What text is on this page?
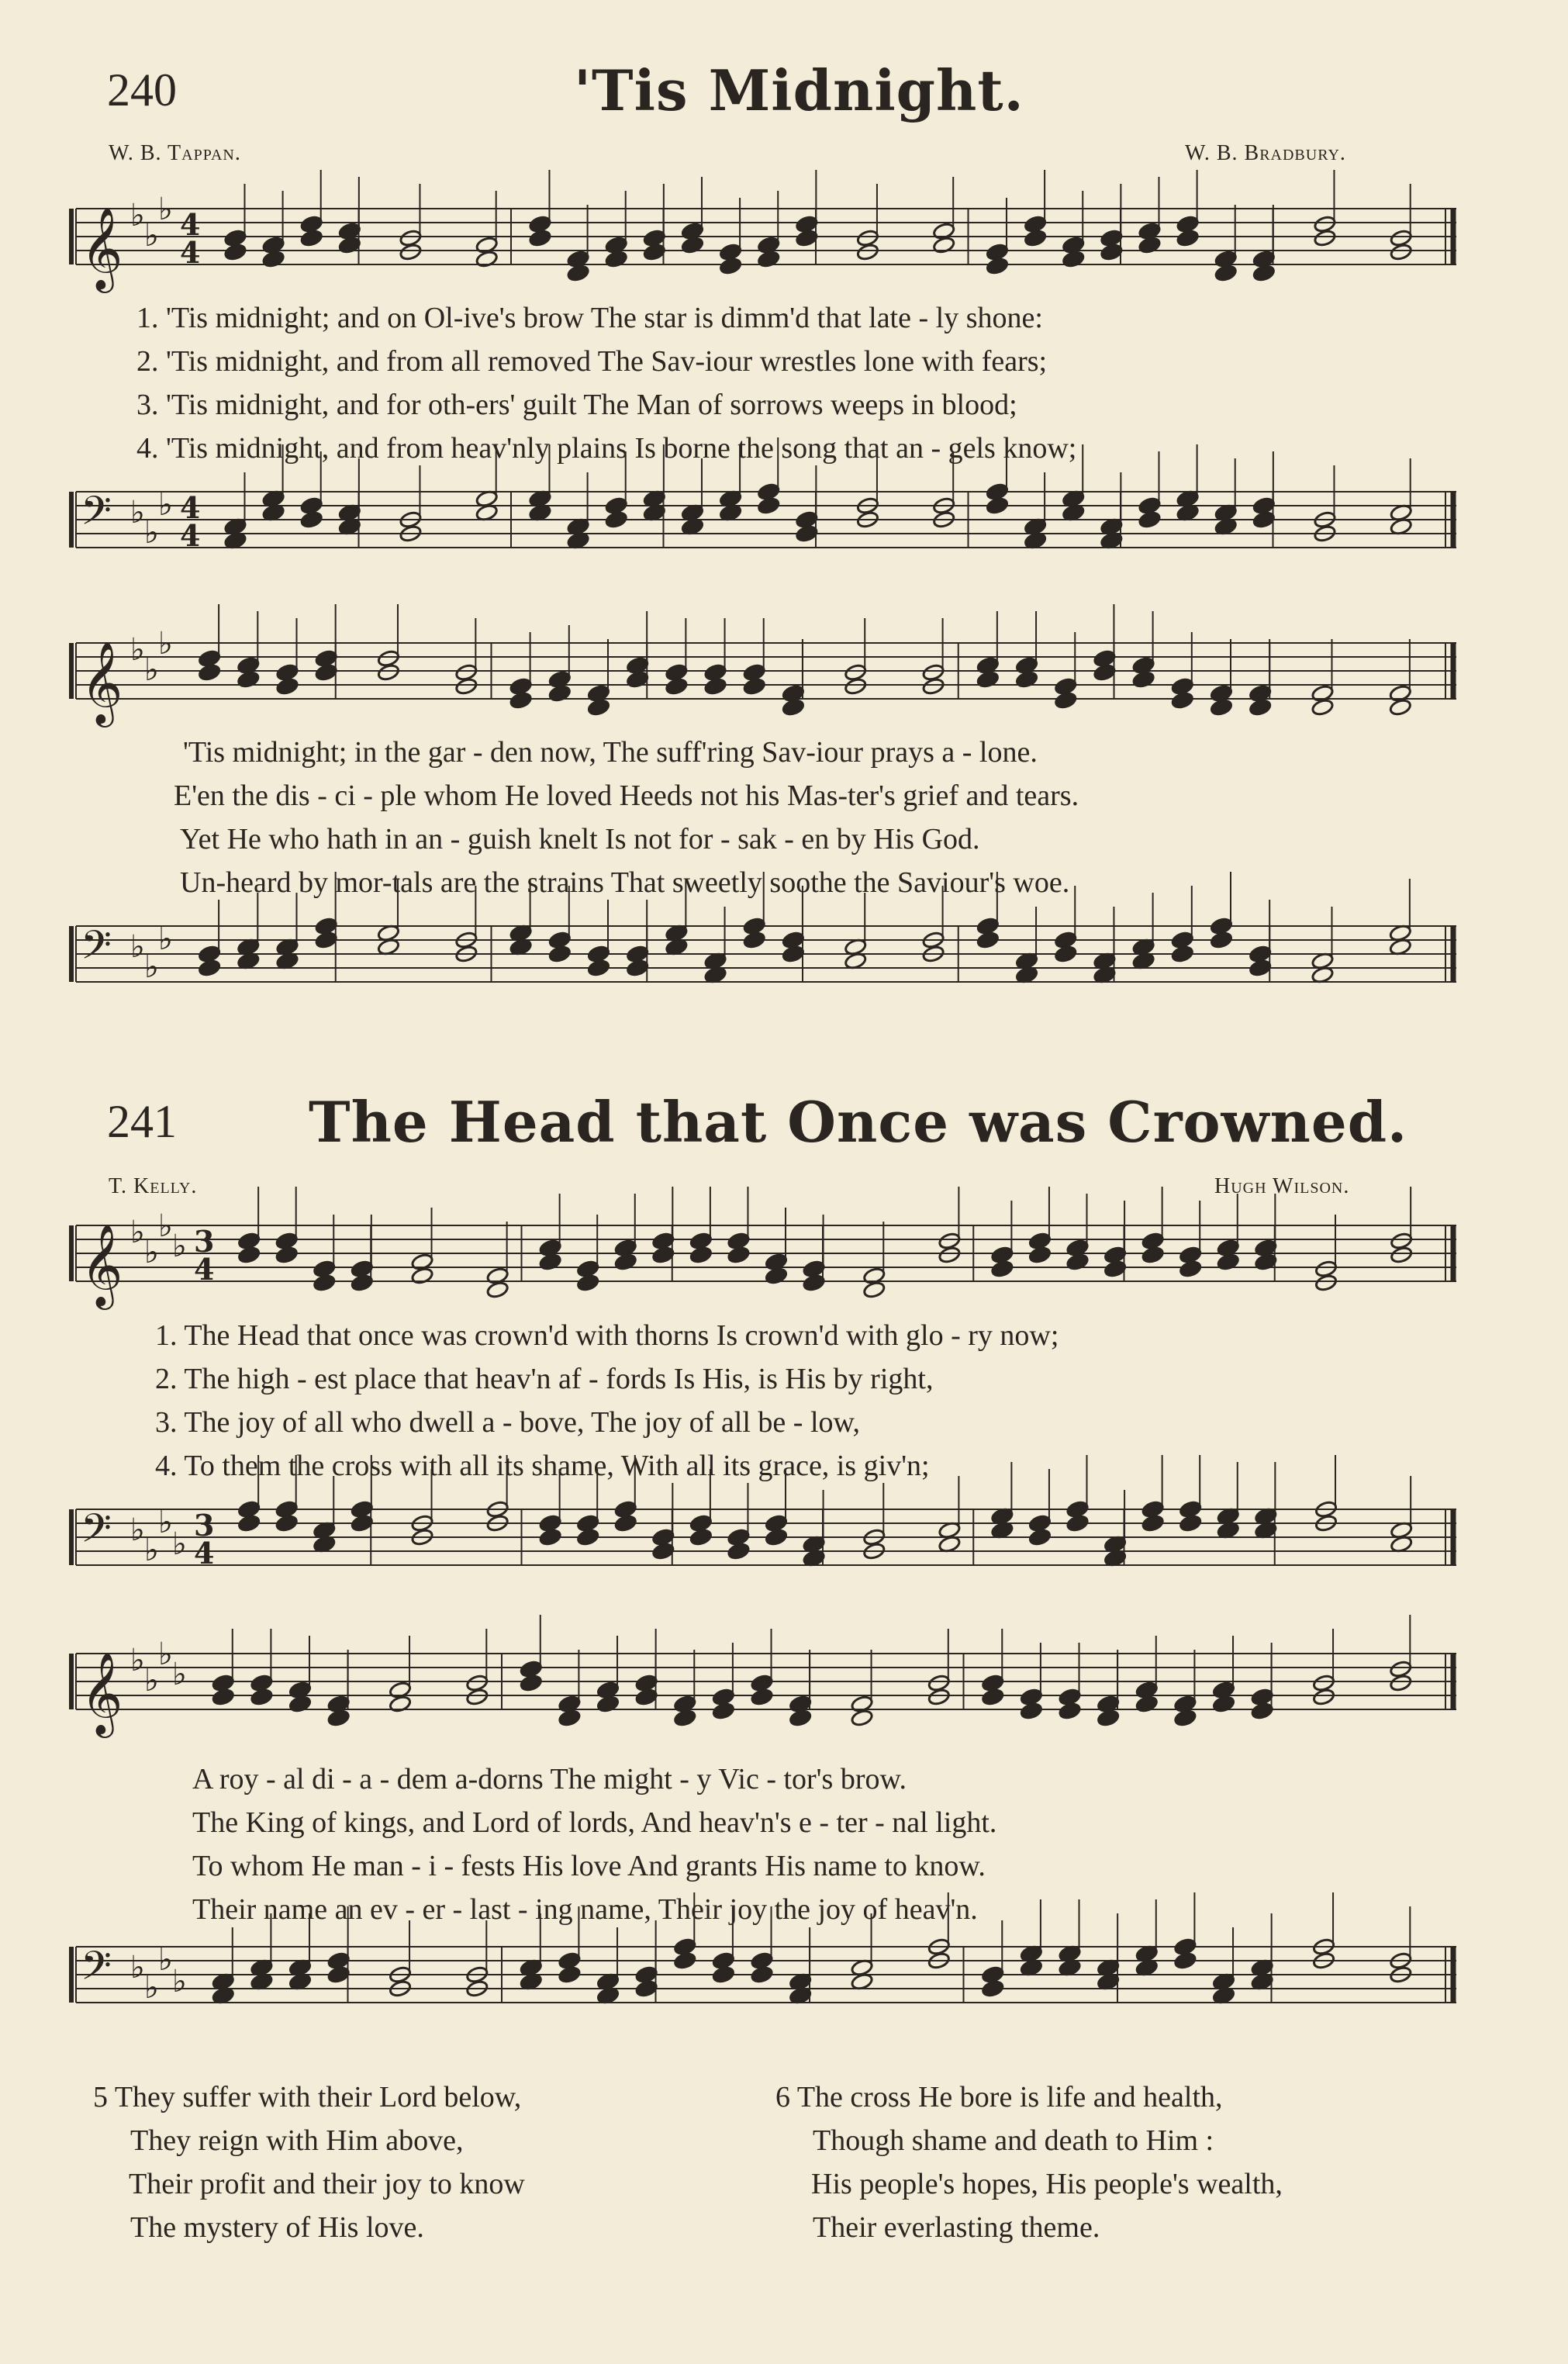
240	'Tis Midnight.
W. B. Tappan.	W. B. Bradbury.
𝄞 ♭
♭
♭ 4
4
1. 'Tis midnight; and on Ol-ive's brow The star is dimm'd that late - ly shone:
2. 'Tis midnight, and from all removed The Sav-iour wrestles lone with fears;
3. 'Tis midnight, and for oth-ers' guilt The Man of sorrows weeps in blood;
4. 'Tis midnight, and from heav'nly plains Is borne the song that an - gels know;
𝄢 ♭
♭
♭ 4
4
𝄞 ♭
♭
♭
'Tis midnight; in the gar - den now, The suff'ring Sav-iour prays a - lone.
E'en the dis - ci - ple whom He loved Heeds not his Mas-ter's grief and tears.
Yet He who hath in an - guish knelt Is not for - sak - en by His God.
Un-heard by mor-tals are the strains That sweetly soothe the Saviour's woe.
𝄢 ♭
♭
♭
241 The Head that Once was Crowned.
T. Kelly.	Hugh Wilson.
𝄞 ♭
♭
♭
♭ 3
4
1. The Head that once was crown'd with thorns Is crown'd with glo - ry now;
2. The high - est place that heav'n af - fords Is His, is His by right,
3. The joy of all who dwell a - bove, The joy of all be - low,
4. To them the cross with all its shame, With all its grace, is giv'n;
𝄢 ♭
♭
♭
♭
3
4
𝄞 ♭
♭
♭
♭
A roy - al di - a - dem a-dorns The might - y Vic - tor's brow.
The King of kings, and Lord of lords, And heav'n's e - ter - nal light.
To whom He man - i - fests His love And grants His name to know.
Their name an ev - er - last - ing name, Their joy the joy of heav'n.
𝄢 ♭
♭
♭
♭
5 They suffer with their Lord below,
They reign with Him above,
Their profit and their joy to know
The mystery of His love.
6 The cross He bore is life and health,
Though shame and death to Him :
His people's hopes, His people's wealth,
Their everlasting theme.
